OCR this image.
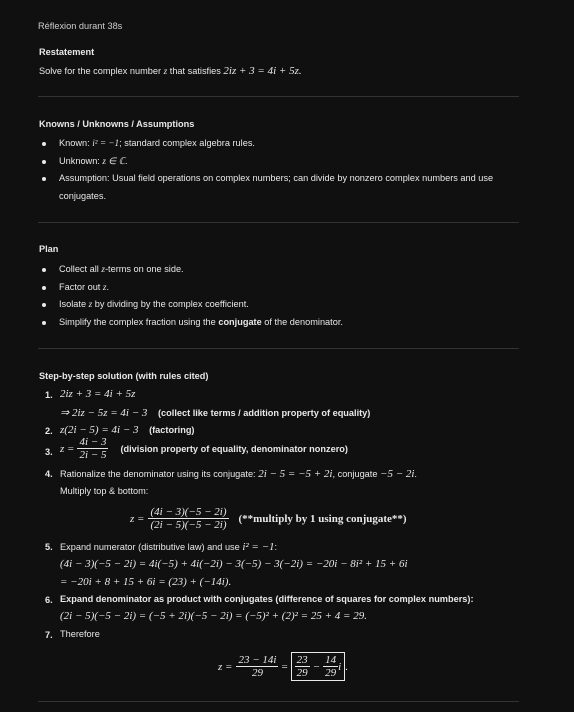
Réflexion durant 38s
Restatement
Solve for the complex number z that satisfies 2iz + 3 = 4i + 5z.
Knowns / Unknowns / Assumptions
Known: i² = −1; standard complex algebra rules.
Unknown: z ∈ ℂ.
Assumption: Usual field operations on complex numbers; can divide by nonzero complex numbers and use conjugates.
Plan
Collect all z-terms on one side.
Factor out z.
Isolate z by dividing by the complex coefficient.
Simplify the complex fraction using the conjugate of the denominator.
Step-by-step solution (with rules cited)
1. 2iz + 3 = 4i + 5z
⇒ 2iz − 5z = 4i − 3 (collect like terms / addition property of equality)
2. z(2i − 5) = 4i − 3 (factoring)
3. $z = \frac{4i - 3}{2i - 5}$ (division property of equality, denominator nonzero)
4. Rationalize the denominator using its conjugate: 2i − 5 = −5 + 2i, conjugate −5 − 2i.
Multiply top & bottom:
$z = \frac{(4i - 3)(-5 - 2i)}{(2i - 5)(-5 - 2i)}$ (**multiply by 1 using conjugate**)
5. Expand numerator (distributive law) and use i² = −1:
(4i − 3)(−5 − 2i) = 4i(−5) + 4i(−2i) − 3(−5) − 3(−2i) = −20i − 8i² + 15 + 6i
= −20i + 8 + 15 + 6i = (23) + (−14i).
6. Expand denominator as product with conjugates (difference of squares for complex numbers):
(2i − 5)(−5 − 2i) = (−5 + 2i)(−5 − 2i) = (−5)² + (2)² = 25 + 4 = 29.
7. Therefore
$z = \frac{23 - 14i}{29} = \frac{23}{29} - \frac{14}{29}$ i .
